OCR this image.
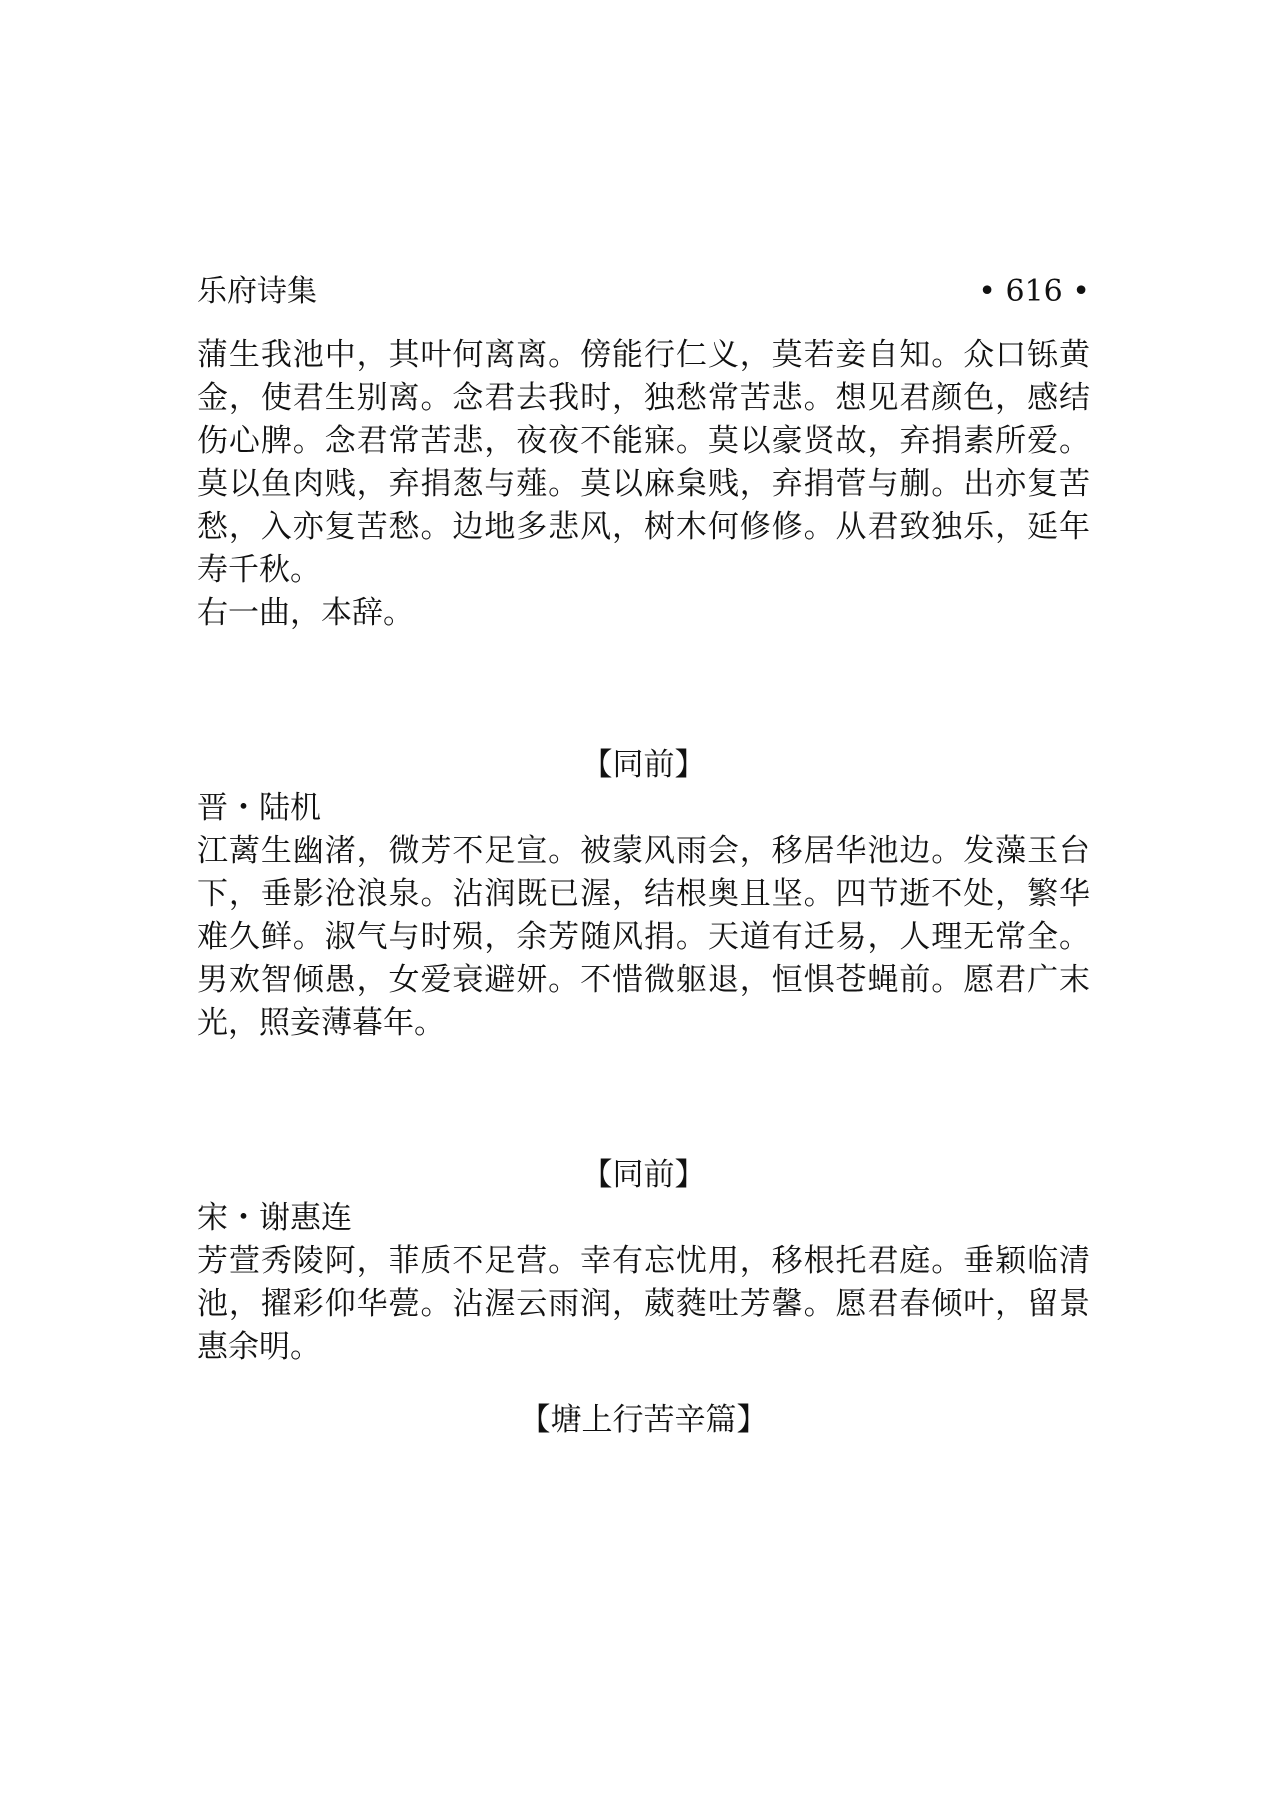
乐府诗集	• 616 •

蒲生我池中，其叶何离离。傍能行仁义，莫若妾自知。众口铄黄金，使君生别离。念君去我时，独愁常苦悲。想见君颜色，感结伤心脾。念君常苦悲，夜夜不能寐。莫以豪贤故，弃捐素所爱。莫以鱼肉贱，弃捐葱与薤。莫以麻枲贱，弃捐菅与蒯。出亦复苦愁，入亦复苦愁。边地多悲风，树木何修修。从君致独乐，延年寿千秋。

右一曲，本辞。

【同前】

晋・陆机

江蓠生幽渚，微芳不足宣。被蒙风雨会，移居华池边。发藻玉台下，垂影沧浪泉。沾润既已渥，结根奥且坚。四节逝不处，繁华难久鲜。淑气与时殒，余芳随风捐。天道有迁易，人理无常全。男欢智倾愚，女爱衰避妍。不惜微躯退，恒惧苍蝇前。愿君广末光，照妾薄暮年。

【同前】

宋・谢惠连

芳萱秀陵阿，菲质不足营。幸有忘忧用，移根托君庭。垂颖临清池，擢彩仰华甍。沾渥云雨润，葳蕤吐芳馨。愿君春倾叶，留景惠余明。

【塘上行苦辛篇】
